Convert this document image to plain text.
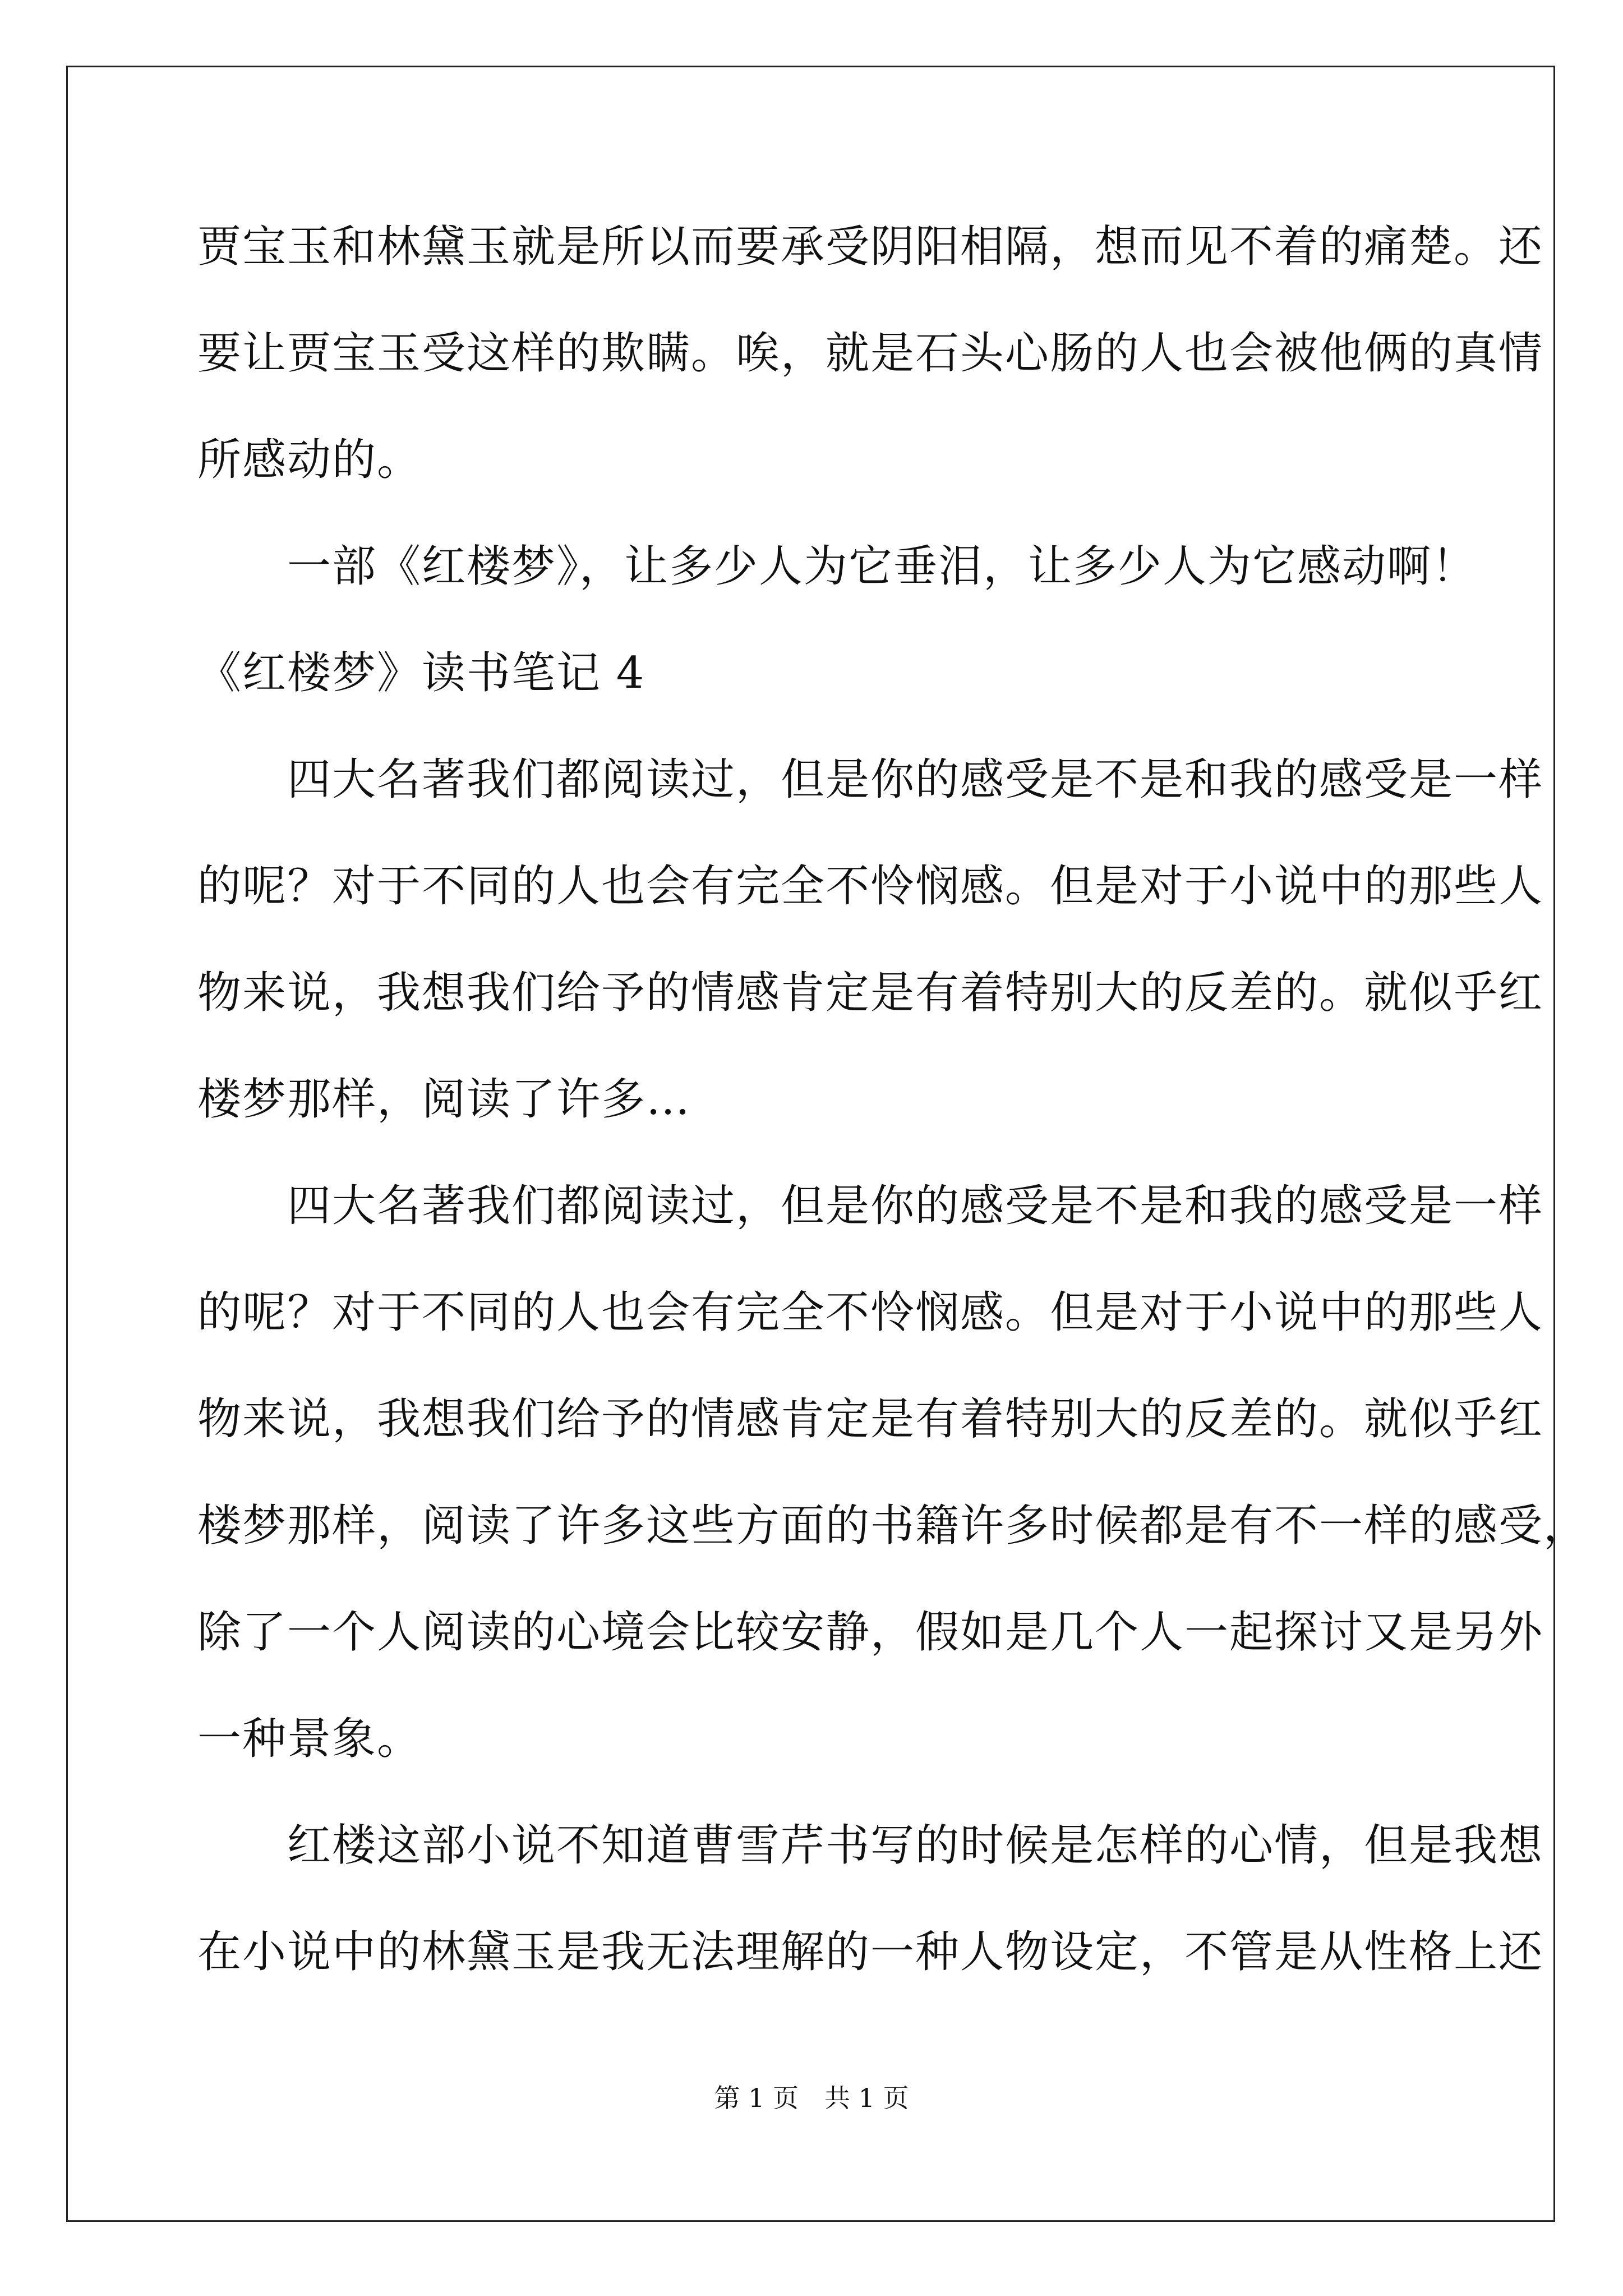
贾宝玉和林黛玉就是所以而要承受阴阳相隔，想而见不着的痛楚。还
要让贾宝玉受这样的欺瞒。唉，就是石头心肠的人也会被他俩的真情
所感动的。
　　一部《红楼梦》，让多少人为它垂泪，让多少人为它感动啊！
《红楼梦》读书笔记 4
　　四大名著我们都阅读过，但是你的感受是不是和我的感受是一样
的呢？对于不同的人也会有完全不怜悯感。但是对于小说中的那些人
物来说，我想我们给予的情感肯定是有着特别大的反差的。就似乎红
楼梦那样，阅读了许多…
　　四大名著我们都阅读过，但是你的感受是不是和我的感受是一样
的呢？对于不同的人也会有完全不怜悯感。但是对于小说中的那些人
物来说，我想我们给予的情感肯定是有着特别大的反差的。就似乎红
楼梦那样，阅读了许多这些方面的书籍许多时候都是有不一样的感受，
除了一个人阅读的心境会比较安静，假如是几个人一起探讨又是另外
一种景象。
　　红楼这部小说不知道曹雪芹书写的时候是怎样的心情，但是我想
在小说中的林黛玉是我无法理解的一种人物设定，不管是从性格上还
第 1 页　共 1 页
